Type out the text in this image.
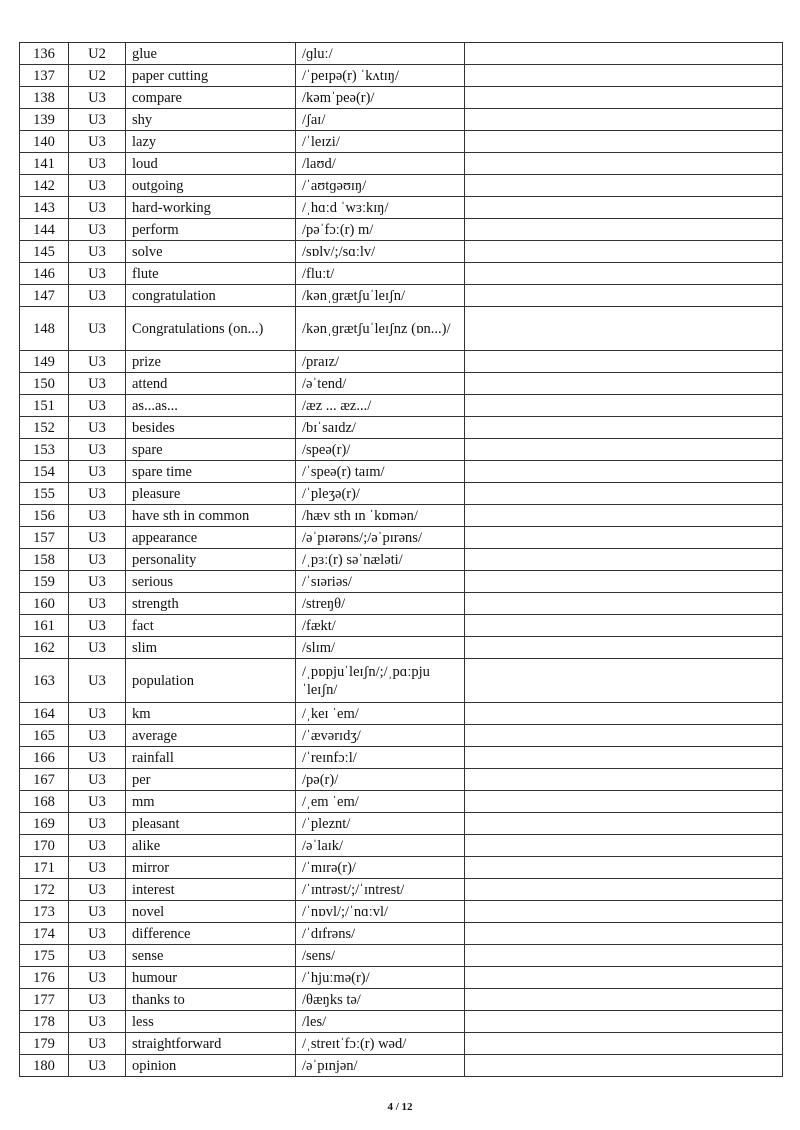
136	U2	glue	/ɡluː/	
137	U2	paper cutting	/ˈpeɪpə(r) ˈkʌtɪŋ/	
138	U3	compare	/kəmˈpeə(r)/	
139	U3	shy	/ʃaɪ/	
140	U3	lazy	/ˈleɪzi/	
141	U3	loud	/laʊd/	
142	U3	outgoing	/ˈaʊtɡəʊɪŋ/	
143	U3	hard-working	/ˌhɑːd ˈwɜːkɪŋ/	
144	U3	perform	/pəˈfɔː(r) m/	
145	U3	solve	/sɒlv/;/sɑːlv/	
146	U3	flute	/fluːt/	
147	U3	congratulation	/kənˌɡrætʃuˈleɪʃn/	
148	U3	Congratulations (on...)	/kənˌɡrætʃuˈleɪʃnz (ɒn...)/	
149	U3	prize	/praɪz/	
150	U3	attend	/əˈtend/	
151	U3	as...as...	/æz ... æz.../	
152	U3	besides	/bɪˈsaɪdz/	
153	U3	spare	/speə(r)/	
154	U3	spare time	/ˈspeə(r) taɪm/	
155	U3	pleasure	/ˈpleʒə(r)/	
156	U3	have sth in common	/hæv sth ɪn ˈkɒmən/	
157	U3	appearance	/əˈpɪərəns/;/əˈpɪrəns/	
158	U3	personality	/ˌpɜː(r) səˈnæləti/	
159	U3	serious	/ˈsɪəriəs/	
160	U3	strength	/streŋθ/	
161	U3	fact	/fækt/	
162	U3	slim	/slɪm/	
163	U3	population	/ˌpɒpjuˈleɪʃn/;/ˌpɑːpjuˈleɪʃn/	
164	U3	km	/ˌkeɪ ˈem/	
165	U3	average	/ˈævərɪdʒ/	
166	U3	rainfall	/ˈreɪnfɔːl/	
167	U3	per	/pə(r)/	
168	U3	mm	/ˌem ˈem/	
169	U3	pleasant	/ˈpleznt/	
170	U3	alike	/əˈlaɪk/	
171	U3	mirror	/ˈmɪrə(r)/	
172	U3	interest	/ˈɪntrəst/;/ˈɪntrest/	
173	U3	novel	/ˈnɒvl/;/ˈnɑːvl/	
174	U3	difference	/ˈdɪfrəns/	
175	U3	sense	/sens/	
176	U3	humour	/ˈhjuːmə(r)/	
177	U3	thanks to	/θæŋks tə/	
178	U3	less	/les/	
179	U3	straightforward	/ˌstreɪtˈfɔː(r) wəd/	
180	U3	opinion	/əˈpɪnjən/	
4 / 12
